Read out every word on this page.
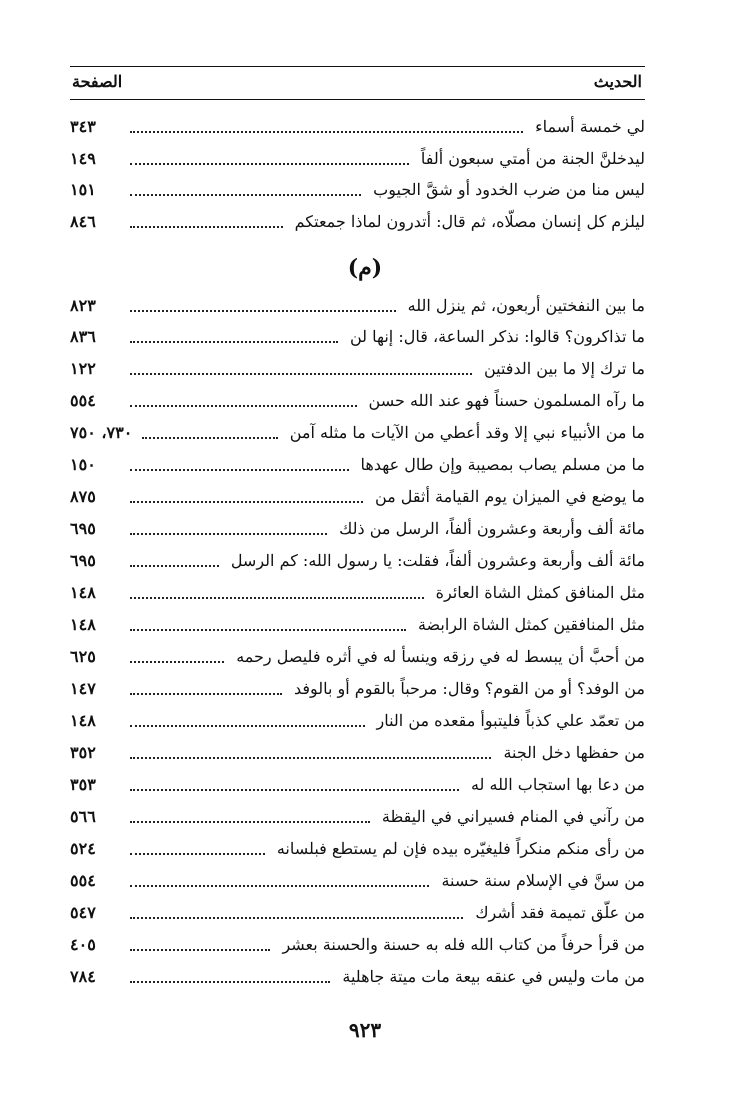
الحديث
الصفحة
لي خمسة أسماء
٣٤٣
ليدخلنَّ الجنة من أمتي سبعون ألفاً
١٤٩
ليس منا من ضرب الخدود أو شقَّ الجيوب
١٥١
ليلزم كل إنسان مصلّاه، ثم قال: أتدرون لماذا جمعتكم
٨٤٦
(م)
ما بين النفختين أربعون، ثم ينزل الله
٨٢٣
ما تذاكرون؟ قالوا: نذكر الساعة، قال: إنها لن
٨٣٦
ما ترك إلا ما بين الدفتين
١٢٢
ما رآه المسلمون حسناً فهو عند الله حسن
٥٥٤
ما من الأنبياء نبي إلا وقد أعطي من الآيات ما مثله آمن
٧٣٠، ٧٥٠
ما من مسلم يصاب بمصيبة وإن طال عهدها
١٥٠
ما يوضع في الميزان يوم القيامة أثقل من
٨٧٥
مائة ألف وأربعة وعشرون ألفاً، الرسل من ذلك
٦٩٥
مائة ألف وأربعة وعشرون ألفاً، فقلت: يا رسول الله: كم الرسل
٦٩٥
مثل المنافق كمثل الشاة العائرة
١٤٨
مثل المنافقين كمثل الشاة الرابضة
١٤٨
من أحبَّ أن يبسط له في رزقه وينسأ له في أثره فليصل رحمه
٦٢٥
من الوفد؟ أو من القوم؟ وقال: مرحباً بالقوم أو بالوفد
١٤٧
من تعمّد علي كذباً فليتبوأ مقعده من النار
١٤٨
من حفظها دخل الجنة
٣٥٢
من دعا بها استجاب الله له
٣٥٣
من رآني في المنام فسيراني في اليقظة
٥٦٦
من رأى منكم منكراً فليغيّره بيده فإن لم يستطع فبلسانه
٥٢٤
من سنَّ في الإسلام سنة حسنة
٥٥٤
من علّق تميمة فقد أشرك
٥٤٧
من قرأ حرفاً من كتاب الله فله به حسنة والحسنة بعشر
٤٠٥
من مات وليس في عنقه بيعة مات ميتة جاهلية
٧٨٤
٩٢٣
